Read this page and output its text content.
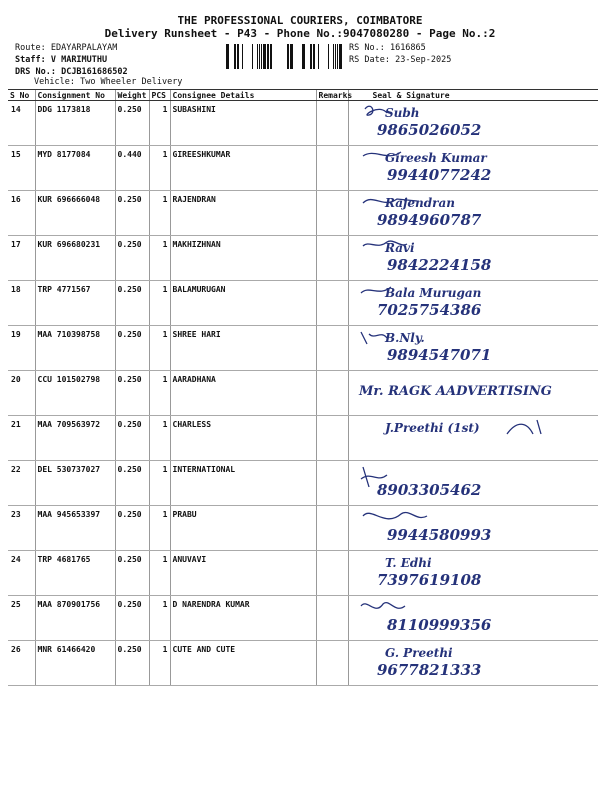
THE PROFESSIONAL COURIERS, COIMBATORE
Delivery Runsheet - P43 - Phone No.:9047080280 - Page No.:2
Route: EDAYARPALAYAM
Staff: V MARIMUTHU
DRS No.: DCJB161686502
Vehicle: Two Wheeler Delivery
RS No.: 1616865
RS Date: 23-Sep-2025
S No	Consignment No	Weight	PCS	Consignee Details	Remarks	Seal & Signature
14	DDG 1173818	0.250	1	SUBASHINI		Subh
9865026052

15	MYD 8177084	0.440	1	GIREESHKUMAR		Gireesh Kumar
9944077242

16	KUR 696666048	0.250	1	RAJENDRAN		Rajendran
9894960787

17	KUR 696680231	0.250	1	MAKHIZHNAN		Ravi
9842224158

18	TRP 4771567	0.250	1	BALAMURUGAN		Bala Murugan
7025754386

19	MAA 710398758	0.250	1	SHREE HARI		B.Nly.
9894547071

20	CCU 101502798	0.250	1	AARADHANA		Mr. RAGK AADVERTISING

21	MAA 709563972	0.250	1	CHARLESS		J.Preethi (1st)

22	DEL 530737027	0.250	1	INTERNATIONAL		8903305462

23	MAA 945653397	0.250	1	PRABU		9944580993

24	TRP 4681765	0.250	1	ANUVAVI		T. Edhi
7397619108

25	MAA 870901756	0.250	1	D NARENDRA KUMAR		8110999356

26	MNR 61466420	0.250	1	CUTE AND CUTE		G. Preethi
9677821333
